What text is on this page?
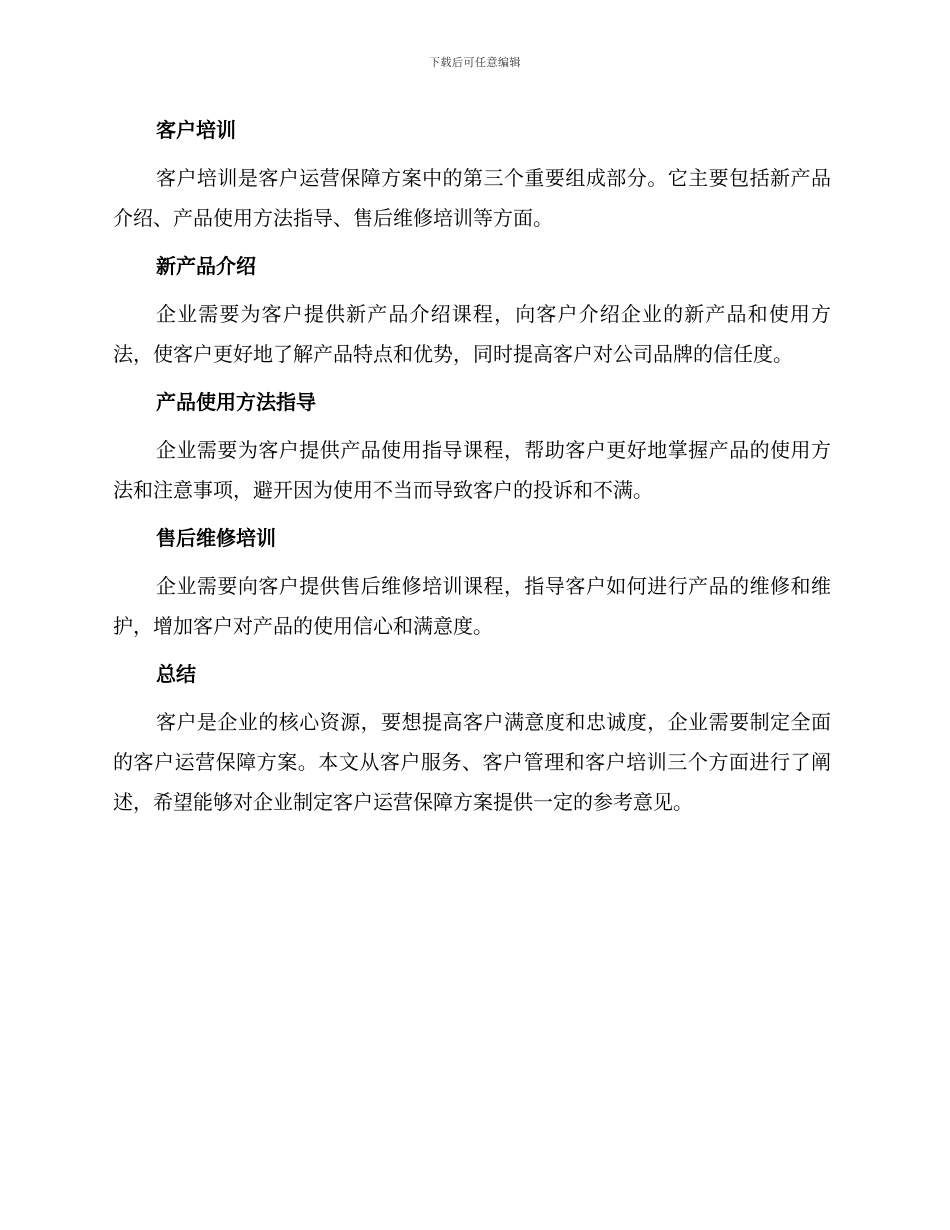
下载后可任意编辑
客户培训
客户培训是客户运营保障方案中的第三个重要组成部分。它主要包括新产品介绍、产品使用方法指导、售后维修培训等方面。
新产品介绍
企业需要为客户提供新产品介绍课程，向客户介绍企业的新产品和使用方法，使客户更好地了解产品特点和优势，同时提高客户对公司品牌的信任度。
产品使用方法指导
企业需要为客户提供产品使用指导课程，帮助客户更好地掌握产品的使用方法和注意事项，避开因为使用不当而导致客户的投诉和不满。
售后维修培训
企业需要向客户提供售后维修培训课程，指导客户如何进行产品的维修和维护，增加客户对产品的使用信心和满意度。
总结
客户是企业的核心资源，要想提高客户满意度和忠诚度，企业需要制定全面的客户运营保障方案。本文从客户服务、客户管理和客户培训三个方面进行了阐述，希望能够对企业制定客户运营保障方案提供一定的参考意见。
